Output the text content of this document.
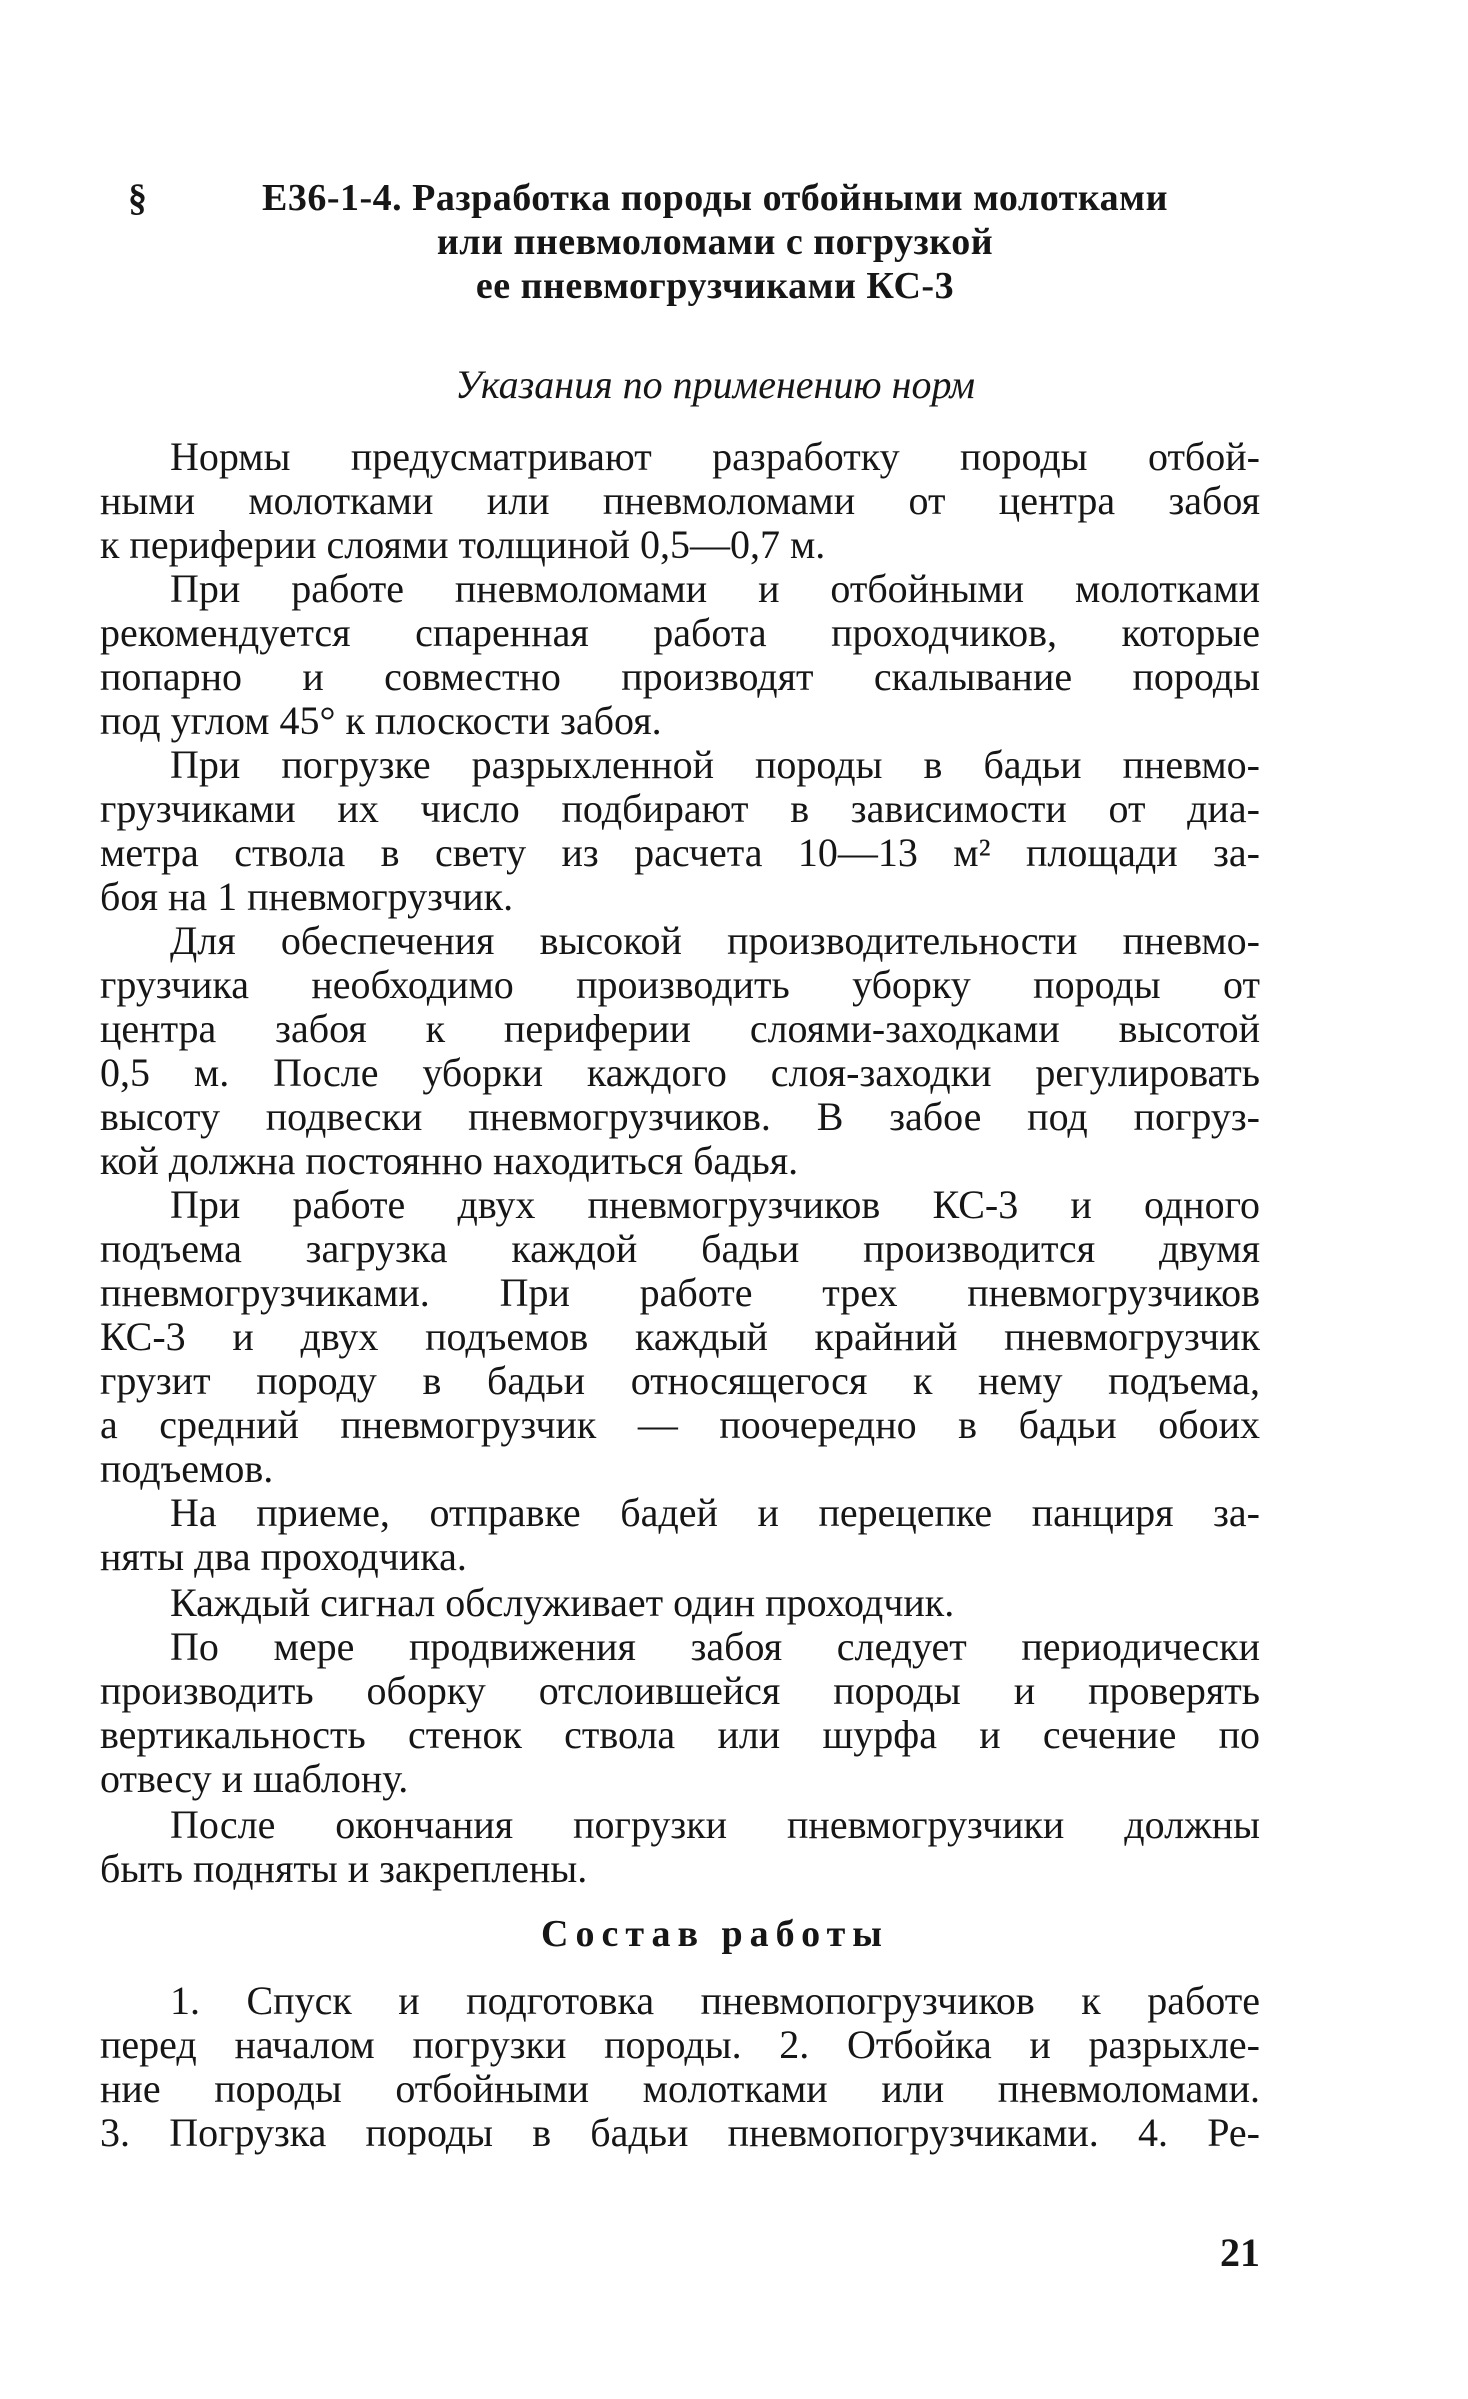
§	Е36-1-4. Разработка породы отбойными молотками
или пневмоломами с погрузкой
ее пневмогрузчиками КС-3
Указания по применению норм
Нормы предусматривают разработку породы отбой-
ными молотками или пневмоломами от центра забоя
к периферии слоями толщиной 0,5—0,7 м.
При работе пневмоломами и отбойными молотками
рекомендуется спаренная работа проходчиков, которые
попарно и совместно производят скалывание породы
под углом 45° к плоскости забоя.
При погрузке разрыхленной породы в бадьи пневмо-
грузчиками их число подбирают в зависимости от диа-
метра ствола в свету из расчета 10—13 м² площади за-
боя на 1 пневмогрузчик.
Для обеспечения высокой производительности пневмо-
грузчика необходимо производить уборку породы от
центра забоя к периферии слоями-заходками высотой
0,5 м. После уборки каждого слоя-заходки регулировать
высоту подвески пневмогрузчиков. В забое под погруз-
кой должна постоянно находиться бадья.
При работе двух пневмогрузчиков КС-3 и одного
подъема загрузка каждой бадьи производится двумя
пневмогрузчиками. При работе трех пневмогрузчиков
КС-3 и двух подъемов каждый крайний пневмогрузчик
грузит породу в бадьи относящегося к нему подъема,
а средний пневмогрузчик — поочередно в бадьи обоих
подъемов.
На приеме, отправке бадей и перецепке панциря за-
няты два проходчика.
Каждый сигнал обслуживает один проходчик.
По мере продвижения забоя следует периодически
производить оборку отслоившейся породы и проверять
вертикальность стенок ствола или шурфа и сечение по
отвесу и шаблону.
После окончания погрузки пневмогрузчики должны
быть подняты и закреплены.
Состав работы
1. Спуск и подготовка пневмопогрузчиков к работе
перед началом погрузки породы. 2. Отбойка и разрыхле-
ние породы отбойными молотками или пневмоломами.
3. Погрузка породы в бадьи пневмопогрузчиками. 4. Ре-
21
